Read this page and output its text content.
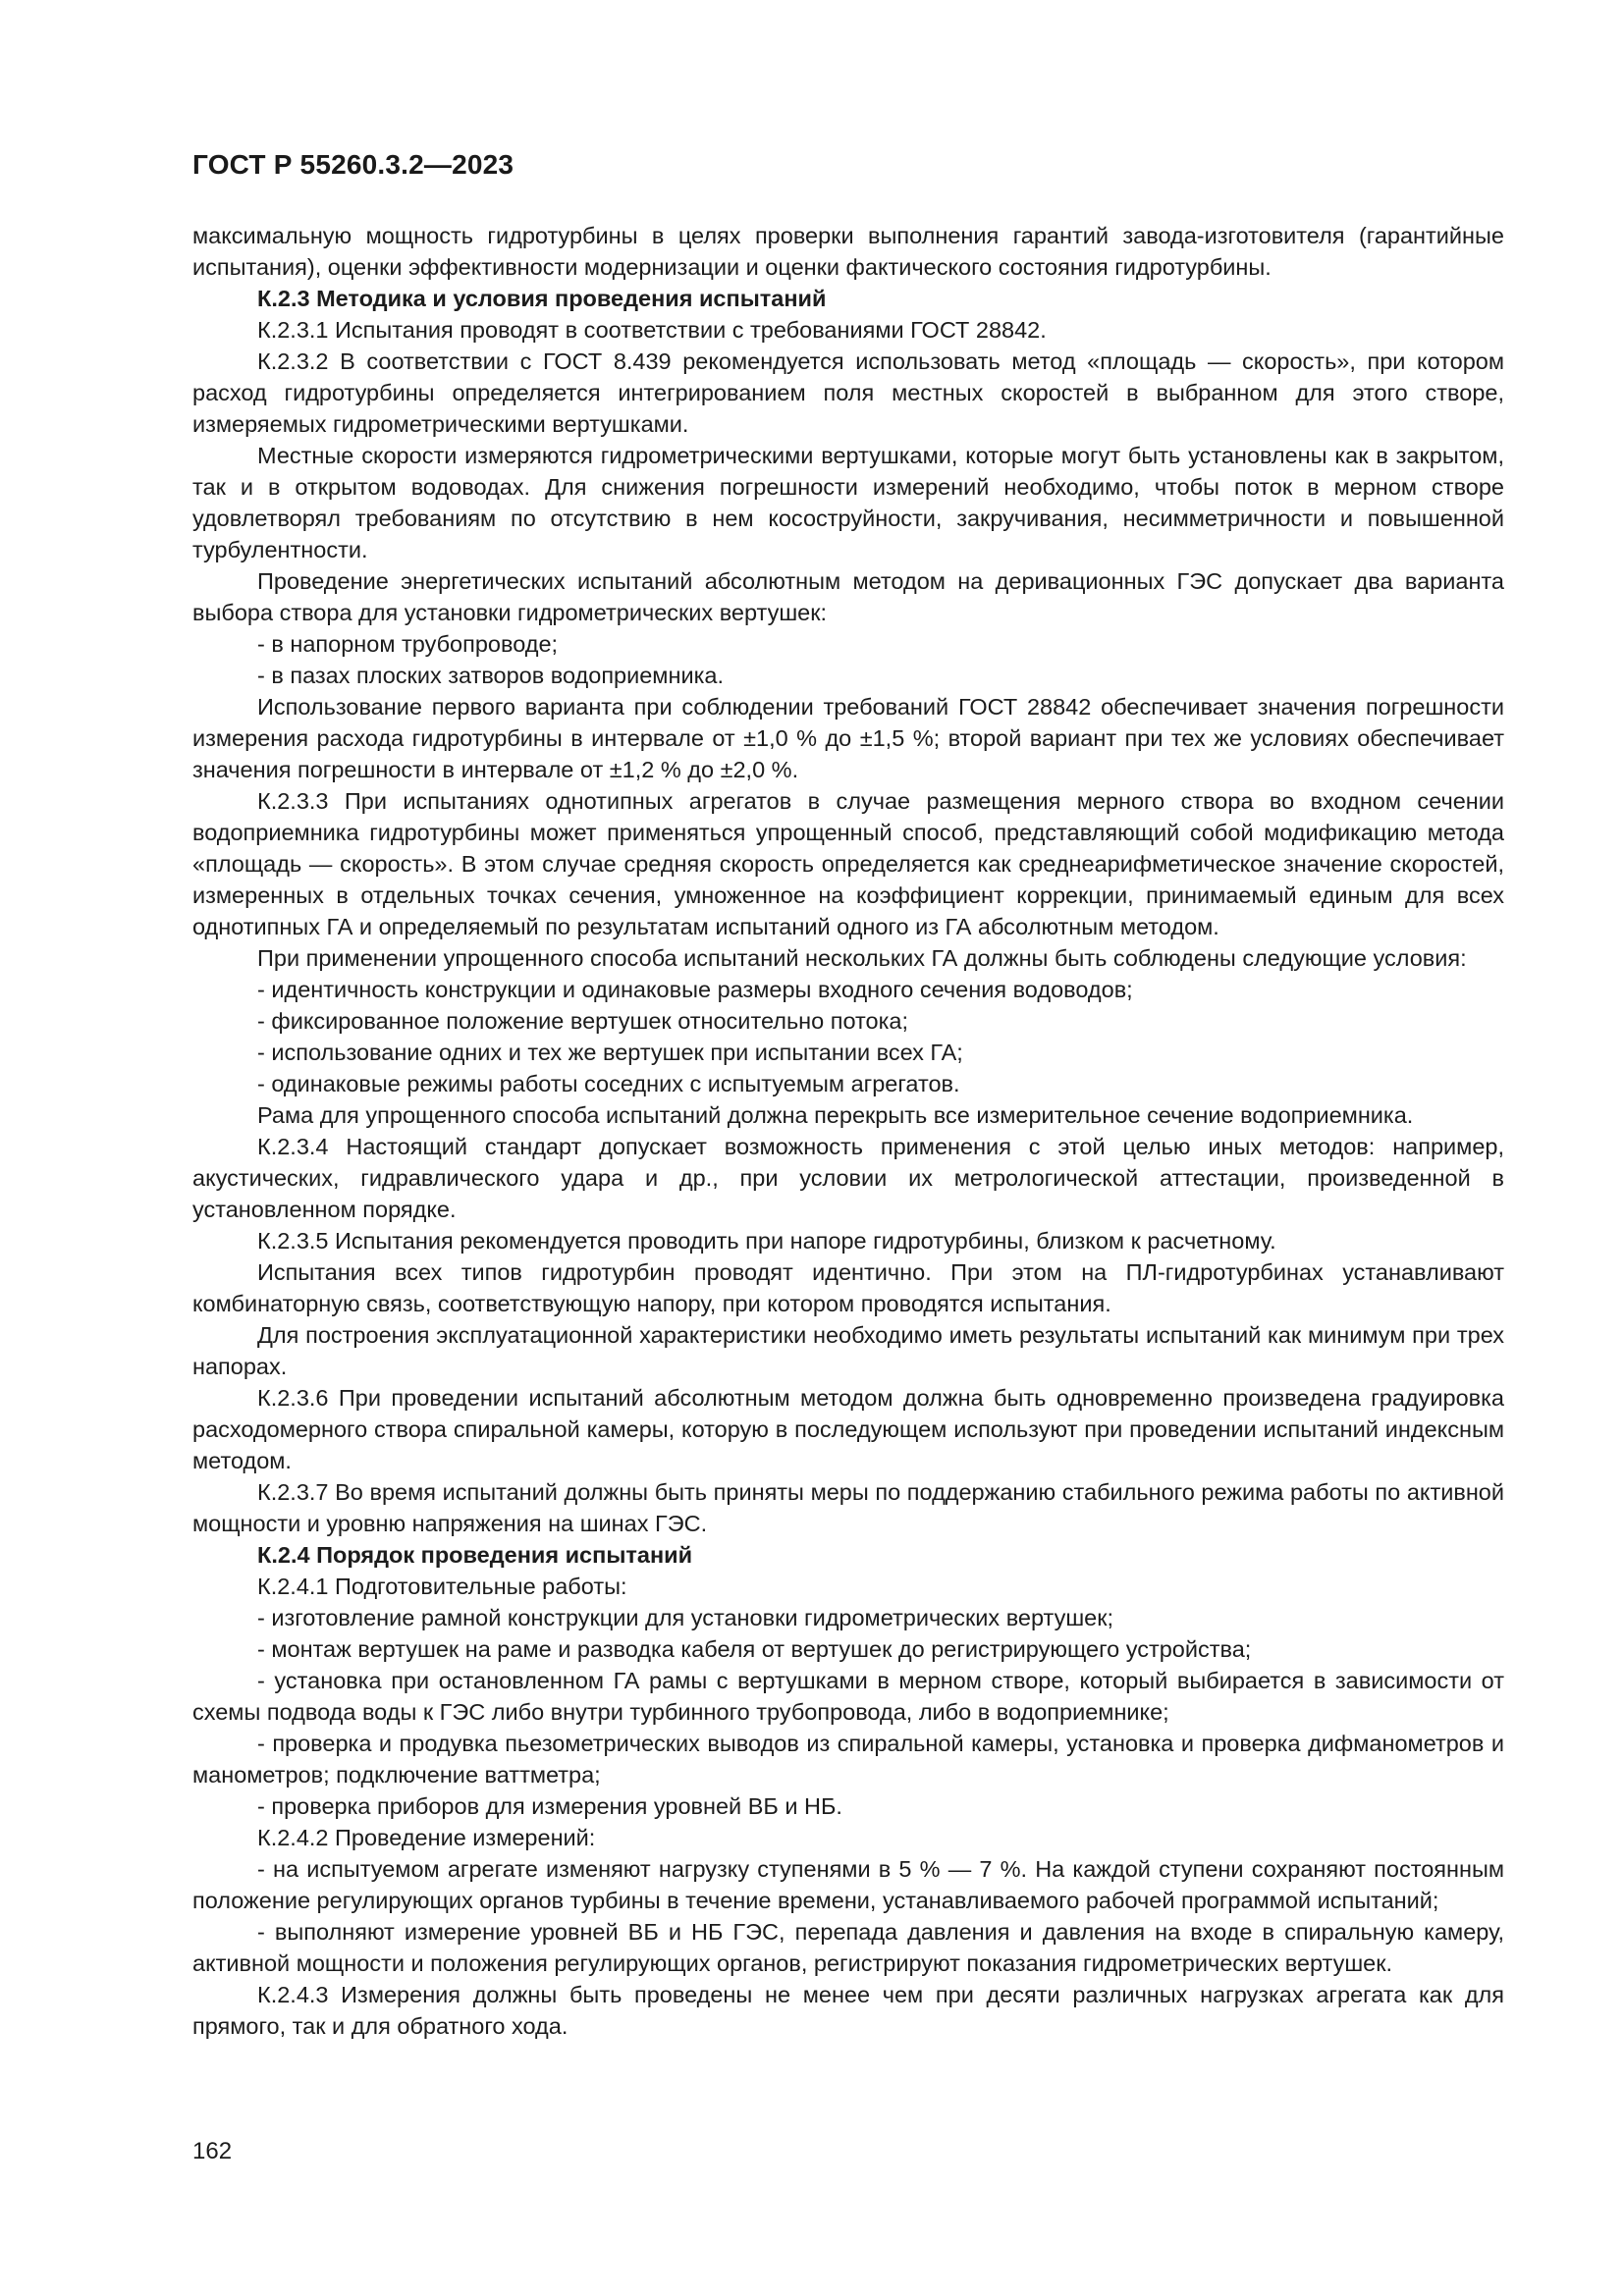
ГОСТ Р 55260.3.2—2023

максимальную мощность гидротурбины в целях проверки выполнения гарантий завода-изготовителя (гарантийные испытания), оценки эффективности модернизации и оценки фактического состояния гидротурбины.

К.2.3 Методика и условия проведения испытаний

К.2.3.1 Испытания проводят в соответствии с требованиями ГОСТ 28842.

К.2.3.2 В соответствии с ГОСТ 8.439 рекомендуется использовать метод «площадь — скорость», при котором расход гидротурбины определяется интегрированием поля местных скоростей в выбранном для этого створе, измеряемых гидрометрическими вертушками.

Местные скорости измеряются гидрометрическими вертушками, которые могут быть установлены как в закрытом, так и в открытом водоводах. Для снижения погрешности измерений необходимо, чтобы поток в мерном створе удовлетворял требованиям по отсутствию в нем косоструйности, закручивания, несимметричности и повышенной турбулентности.

Проведение энергетических испытаний абсолютным методом на деривационных ГЭС допускает два варианта выбора створа для установки гидрометрических вертушек:

- в напорном трубопроводе;

- в пазах плоских затворов водоприемника.

Использование первого варианта при соблюдении требований ГОСТ 28842 обеспечивает значения погрешности измерения расхода гидротурбины в интервале от ±1,0 % до ±1,5 %; второй вариант при тех же условиях обеспечивает значения погрешности в интервале от ±1,2 % до ±2,0 %.

К.2.3.3 При испытаниях однотипных агрегатов в случае размещения мерного створа во входном сечении водоприемника гидротурбины может применяться упрощенный способ, представляющий собой модификацию метода «площадь — скорость». В этом случае средняя скорость определяется как среднеарифметическое значение скоростей, измеренных в отдельных точках сечения, умноженное на коэффициент коррекции, принимаемый единым для всех однотипных ГА и определяемый по результатам испытаний одного из ГА абсолютным методом.

При применении упрощенного способа испытаний нескольких ГА должны быть соблюдены следующие условия:

- идентичность конструкции и одинаковые размеры входного сечения водоводов;

- фиксированное положение вертушек относительно потока;

- использование одних и тех же вертушек при испытании всех ГА;

- одинаковые режимы работы соседних с испытуемым агрегатов.

Рама для упрощенного способа испытаний должна перекрыть все измерительное сечение водоприемника.

К.2.3.4 Настоящий стандарт допускает возможность применения с этой целью иных методов: например, акустических, гидравлического удара и др., при условии их метрологической аттестации, произведенной в установленном порядке.

К.2.3.5 Испытания рекомендуется проводить при напоре гидротурбины, близком к расчетному.

Испытания всех типов гидротурбин проводят идентично. При этом на ПЛ-гидротурбинах устанавливают комбинаторную связь, соответствующую напору, при котором проводятся испытания.

Для построения эксплуатационной характеристики необходимо иметь результаты испытаний как минимум при трех напорах.

К.2.3.6 При проведении испытаний абсолютным методом должна быть одновременно произведена градуировка расходомерного створа спиральной камеры, которую в последующем используют при проведении испытаний индексным методом.

К.2.3.7 Во время испытаний должны быть приняты меры по поддержанию стабильного режима работы по активной мощности и уровню напряжения на шинах ГЭС.

К.2.4 Порядок проведения испытаний

К.2.4.1 Подготовительные работы:

- изготовление рамной конструкции для установки гидрометрических вертушек;

- монтаж вертушек на раме и разводка кабеля от вертушек до регистрирующего устройства;

- установка при остановленном ГА рамы с вертушками в мерном створе, который выбирается в зависимости от схемы подвода воды к ГЭС либо внутри турбинного трубопровода, либо в водоприемнике;

- проверка и продувка пьезометрических выводов из спиральной камеры, установка и проверка дифманометров и манометров; подключение ваттметра;

- проверка приборов для измерения уровней ВБ и НБ.

К.2.4.2 Проведение измерений:

- на испытуемом агрегате изменяют нагрузку ступенями в 5 % — 7 %. На каждой ступени сохраняют постоянным положение регулирующих органов турбины в течение времени, устанавливаемого рабочей программой испытаний;

- выполняют измерение уровней ВБ и НБ ГЭС, перепада давления и давления на входе в спиральную камеру, активной мощности и положения регулирующих органов, регистрируют показания гидрометрических вертушек.

К.2.4.3 Измерения должны быть проведены не менее чем при десяти различных нагрузках агрегата как для прямого, так и для обратного хода.

162
